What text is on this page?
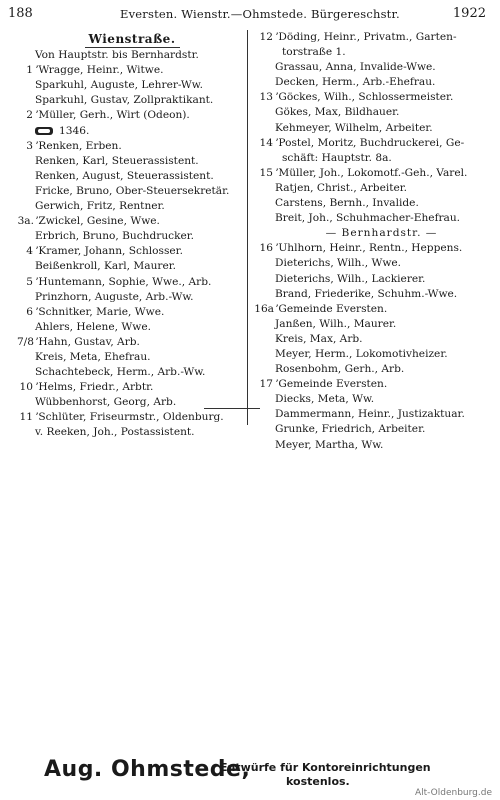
188	Eversten. Wienstr.—Ohmstede. Bürgereschstr.	1922
Wienstraße.
Von Hauptstr. bis Bernhardstr.
1 ʼWragge, Heinr., Witwe.
Sparkuhl, Auguste, Lehrer-Ww.
Sparkuhl, Gustav, Zollpraktikant.
2 ʼMüller, Gerh., Wirt (Odeon).
1346.
3 ʼRenken, Erben.
Renken, Karl, Steuerassistent.
Renken, August, Steuerassistent.
Fricke, Bruno, Ober-Steuersekretär.
Gerwich, Fritz, Rentner.
3a. ʼZwickel, Gesine, Wwe.
Erbrich, Bruno, Buchdrucker.
4 ʼKramer, Johann, Schlosser.
Beißenkroll, Karl, Maurer.
5 ʼHuntemann, Sophie, Wwe., Arb.
Prinzhorn, Auguste, Arb.-Ww.
6 ʼSchnitker, Marie, Wwe.
Ahlers, Helene, Wwe.
7/8 ʼHahn, Gustav, Arb.
Kreis, Meta, Ehefrau.
Schachtebeck, Herm., Arb.-Ww.
10 ʼHelms, Friedr., Arbtr.
Wübbenhorst, Georg, Arb.
11 ʼSchlüter, Friseurmstr., Oldenburg.
v. Reeken, Joh., Postassistent.
12 ʼDöding, Heinr., Privatm., Garten-
torstraße 1.
Grassau, Anna, Invalide-Wwe.
Decken, Herm., Arb.-Ehefrau.
13 ʼGöckes, Wilh., Schlossermeister.
Gökes, Max, Bildhauer.
Kehmeyer, Wilhelm, Arbeiter.
14 ʼPostel, Moritz, Buchdruckerei, Ge-
schäft: Hauptstr. 8a.
15 ʼMüller, Joh., Lokomotf.-Geh., Varel.
Ratjen, Christ., Arbeiter.
Carstens, Bernh., Invalide.
Breit, Joh., Schuhmacher-Ehefrau.
— Bernhardstr. —
16 ʼUhlhorn, Heinr., Rentn., Heppens.
Dieterichs, Wilh., Wwe.
Dieterichs, Wilh., Lackierer.
Brand, Friederike, Schuhm.-Wwe.
16a ʼGemeinde Eversten.
Janßen, Wilh., Maurer.
Kreis, Max, Arb.
Meyer, Herm., Lokomotivheizer.
Rosenbohm, Gerh., Arb.
17 ʼGemeinde Eversten.
Diecks, Meta, Ww.
Dammermann, Heinr., Justizaktuar.
Grunke, Friedrich, Arbeiter.
Meyer, Martha, Ww.
Aug. Ohmstede,
Entwürfe für Kontoreinrichtungen
kostenlos.
Alt-Oldenburg.de
